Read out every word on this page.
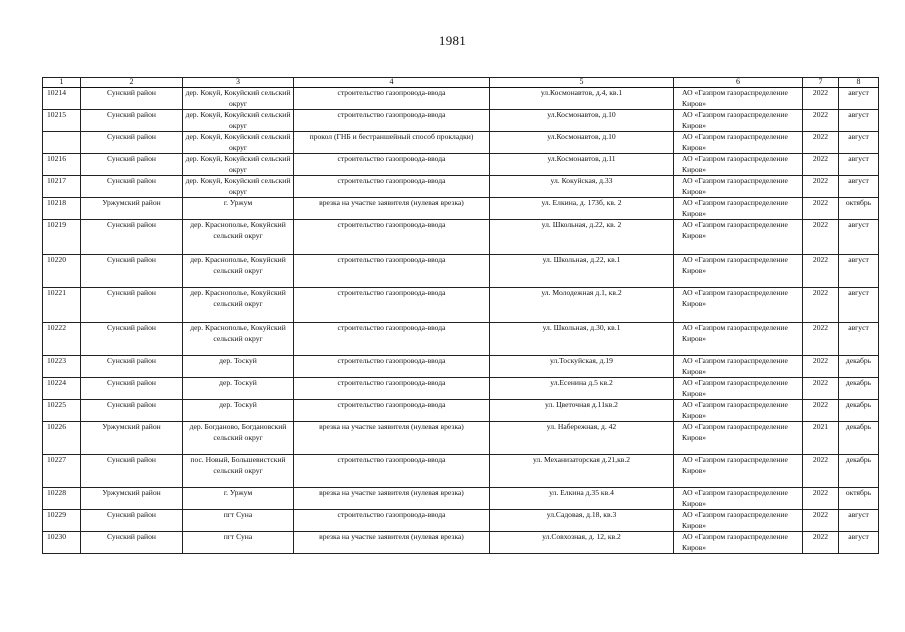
1981
1	2	3	4	5	6	7	8
10214	Сунский район	дер. Кокуй, Кокуйский сельский округ	строительство газопровода-ввода	ул.Космонавтов, д.4, кв.1	АО «Газпром газораспределение Киров»	2022	август
10215	Сунский район	дер. Кокуй, Кокуйский сельский округ	строительство газопровода-ввода	ул.Космонавтов, д.10	АО «Газпром газораспределение Киров»	2022	август
	Сунский район	дер. Кокуй, Кокуйский сельский округ	прокол (ГНБ и бестраншейный способ прокладки)	ул.Космонавтов, д.10	АО «Газпром газораспределение Киров»	2022	август
10216	Сунский район	дер. Кокуй, Кокуйский сельский округ	строительство газопровода-ввода	ул.Космонавтов, д.11	АО «Газпром газораспределение Киров»	2022	август
10217	Сунский район	дер. Кокуй, Кокуйский сельский округ	строительство газопровода-ввода	ул. Кокуйская, д.33	АО «Газпром газораспределение Киров»	2022	август
10218	Уржумский район	г. Уржум	врезка на участке заявителя (нулевая врезка)	ул. Елкина, д. 173б, кв. 2	АО «Газпром газораспределение Киров»	2022	октябрь
10219	Сунский район	дер. Краснополье, Кокуйский сельский округ	строительство газопровода-ввода	ул. Школьная, д.22, кв. 2	АО «Газпром газораспределение Киров»	2022	август
10220	Сунский район	дер. Краснополье, Кокуйский сельский округ	строительство газопровода-ввода	ул. Школьная, д.22, кв.1	АО «Газпром газораспределение Киров»	2022	август
10221	Сунский район	дер. Краснополье, Кокуйский сельский округ	строительство газопровода-ввода	ул. Молодежная д.1, кв.2	АО «Газпром газораспределение Киров»	2022	август
10222	Сунский район	дер. Краснополье, Кокуйский сельский округ	строительство газопровода-ввода	ул. Школьная, д.30, кв.1	АО «Газпром газораспределение Киров»	2022	август
10223	Сунский район	дер. Тоскуй	строительство газопровода-ввода	ул.Тоскуйская, д.19	АО «Газпром газораспределение Киров»	2022	декабрь
10224	Сунский район	дер. Тоскуй	строительство газопровода-ввода	ул.Есенина д.5 кв.2	АО «Газпром газораспределение Киров»	2022	декабрь
10225	Сунский район	дер. Тоскуй	строительство газопровода-ввода	ул. Цветочная д.11кв.2	АО «Газпром газораспределение Киров»	2022	декабрь
10226	Уржумский район	дер. Богданово, Богдановский сельский округ	врезка на участке заявителя (нулевая врезка)	ул. Набережная, д. 42	АО «Газпром газораспределение Киров»	2021	декабрь
10227	Сунский район	пос. Новый, Большевистский сельский округ	строительство газопровода-ввода	ул. Механизаторская д.21,кв.2	АО «Газпром газораспределение Киров»	2022	декабрь
10228	Уржумский район	г. Уржум	врезка на участке заявителя (нулевая врезка)	ул. Елкина д.35 кв.4	АО «Газпром газораспределение Киров»	2022	октябрь
10229	Сунский район	пгт Суна	строительство газопровода-ввода	ул.Садовая, д.18, кв.3	АО «Газпром газораспределение Киров»	2022	август
10230	Сунский район	пгт Суна	врезка на участке заявителя (нулевая врезка)	ул.Совхозная, д. 12, кв.2	АО «Газпром газораспределение Киров»	2022	август
